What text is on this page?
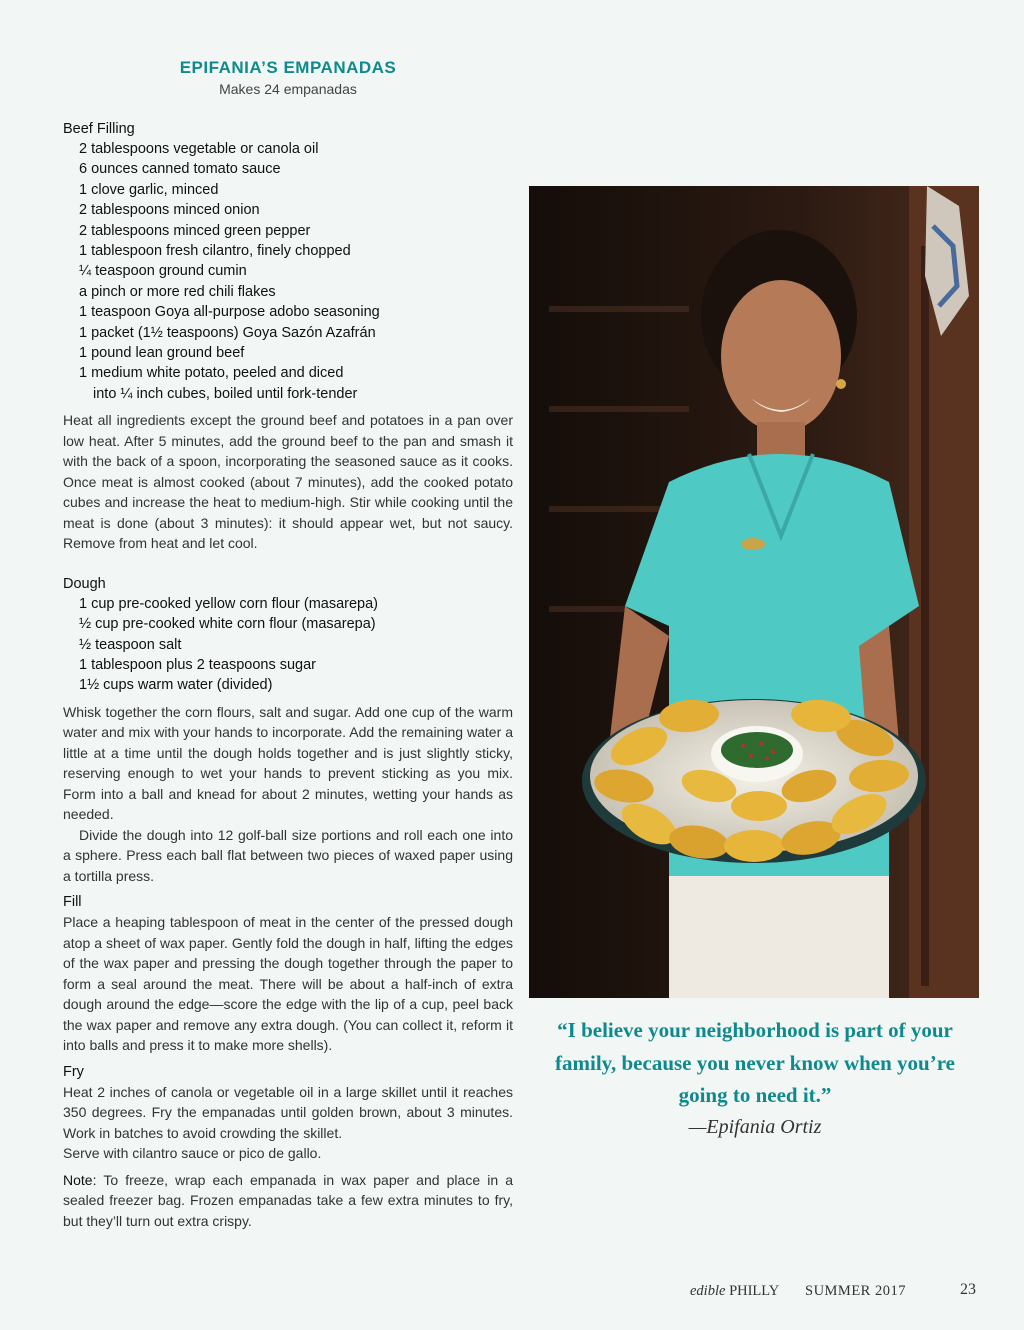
EPIFANIA’S EMPANADAS
Makes 24 empanadas
Beef Filling
2 tablespoons vegetable or canola oil
6 ounces canned tomato sauce
1 clove garlic, minced
2 tablespoons minced onion
2 tablespoons minced green pepper
1 tablespoon fresh cilantro, finely chopped
¼ teaspoon ground cumin
a pinch or more red chili flakes
1 teaspoon Goya all-purpose adobo seasoning
1 packet (1½ teaspoons) Goya Sazón Azafrán
1 pound lean ground beef
1 medium white potato, peeled and diced
into ¼ inch cubes, boiled until fork-tender

Heat all ingredients except the ground beef and potatoes in a pan over low heat. After 5 minutes, add the ground beef to the pan and smash it with the back of a spoon, incorporating the seasoned sauce as it cooks. Once meat is almost cooked (about 7 minutes), add the cooked potato cubes and increase the heat to medium-high. Stir while cooking until the meat is done (about 3 minutes): it should appear wet, but not saucy. Remove from heat and let cool.

Dough
1 cup pre-cooked yellow corn flour (masarepa)
½ cup pre-cooked white corn flour (masarepa)
½ teaspoon salt
1 tablespoon plus 2 teaspoons sugar
1½ cups warm water (divided)

Whisk together the corn flours, salt and sugar. Add one cup of the warm water and mix with your hands to incorporate. Add the remaining water a little at a time until the dough holds together and is just slightly sticky, reserving enough to wet your hands to prevent sticking as you mix. Form into a ball and knead for about 2 minutes, wetting your hands as needed.

Divide the dough into 12 golf-ball size portions and roll each one into a sphere. Press each ball flat between two pieces of waxed paper using a tortilla press.

Fill

Place a heaping tablespoon of meat in the center of the pressed dough atop a sheet of wax paper. Gently fold the dough in half, lifting the edges of the wax paper and pressing the dough together through the paper to form a seal around the meat. There will be about a half-inch of extra dough around the edge—score the edge with the lip of a cup, peel back the wax paper and remove any extra dough. (You can collect it, reform it into balls and press it to make more shells).

Fry

Heat 2 inches of canola or vegetable oil in a large skillet until it reaches 350 degrees. Fry the empanadas until golden brown, about 3 minutes. Work in batches to avoid crowding the skillet.

Serve with cilantro sauce or pico de gallo.

Note: To freeze, wrap each empanada in wax paper and place in a sealed freezer bag. Frozen empanadas take a few extra minutes to fry, but they’ll turn out extra crispy.

“I believe your neighborhood is part of your family, because you never know when you’re going to need it.”
—Epifania Ortiz
edible PHILLY SUMMER 2017	23
